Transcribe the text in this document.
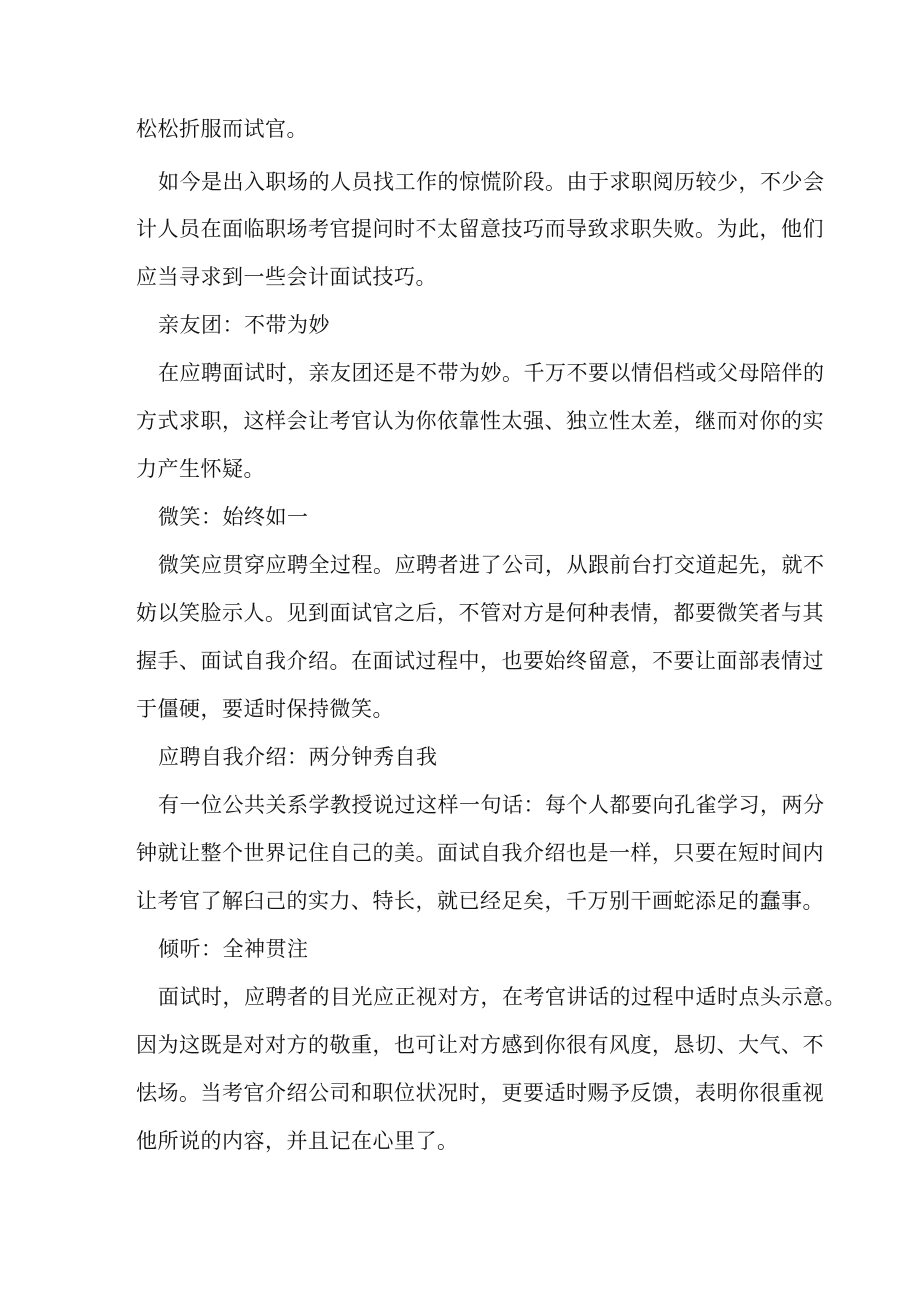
松松折服而试官。
如今是出入职场的人员找工作的惊慌阶段。由于求职阅历较少，不少会
计人员在面临职场考官提问时不太留意技巧而导致求职失败。为此，他们
应当寻求到一些会计面试技巧。
亲友团：不带为妙
在应聘面试时，亲友团还是不带为妙。千万不要以情侣档或父母陪伴的
方式求职，这样会让考官认为你依靠性太强、独立性太差，继而对你的实
力产生怀疑。
微笑：始终如一
微笑应贯穿应聘全过程。应聘者进了公司，从跟前台打交道起先，就不
妨以笑脸示人。见到面试官之后，不管对方是何种表情，都要微笑者与其
握手、面试自我介绍。在面试过程中，也要始终留意，不要让面部表情过
于僵硬，要适时保持微笑。
应聘自我介绍：两分钟秀自我
有一位公共关系学教授说过这样一句话：每个人都要向孔雀学习，两分
钟就让整个世界记住自己的美。面试自我介绍也是一样，只要在短时间内
让考官了解臼己的实力、特长，就已经足矣，千万别干画蛇添足的蠢事。
倾听：全神贯注
面试时，应聘者的目光应正视对方，在考官讲话的过程中适时点头示意。
因为这既是对对方的敬重，也可让对方感到你很有风度，恳切、大气、不
怯场。当考官介绍公司和职位状况时，更要适时赐予反馈，表明你很重视
他所说的内容，并且记在心里了。
